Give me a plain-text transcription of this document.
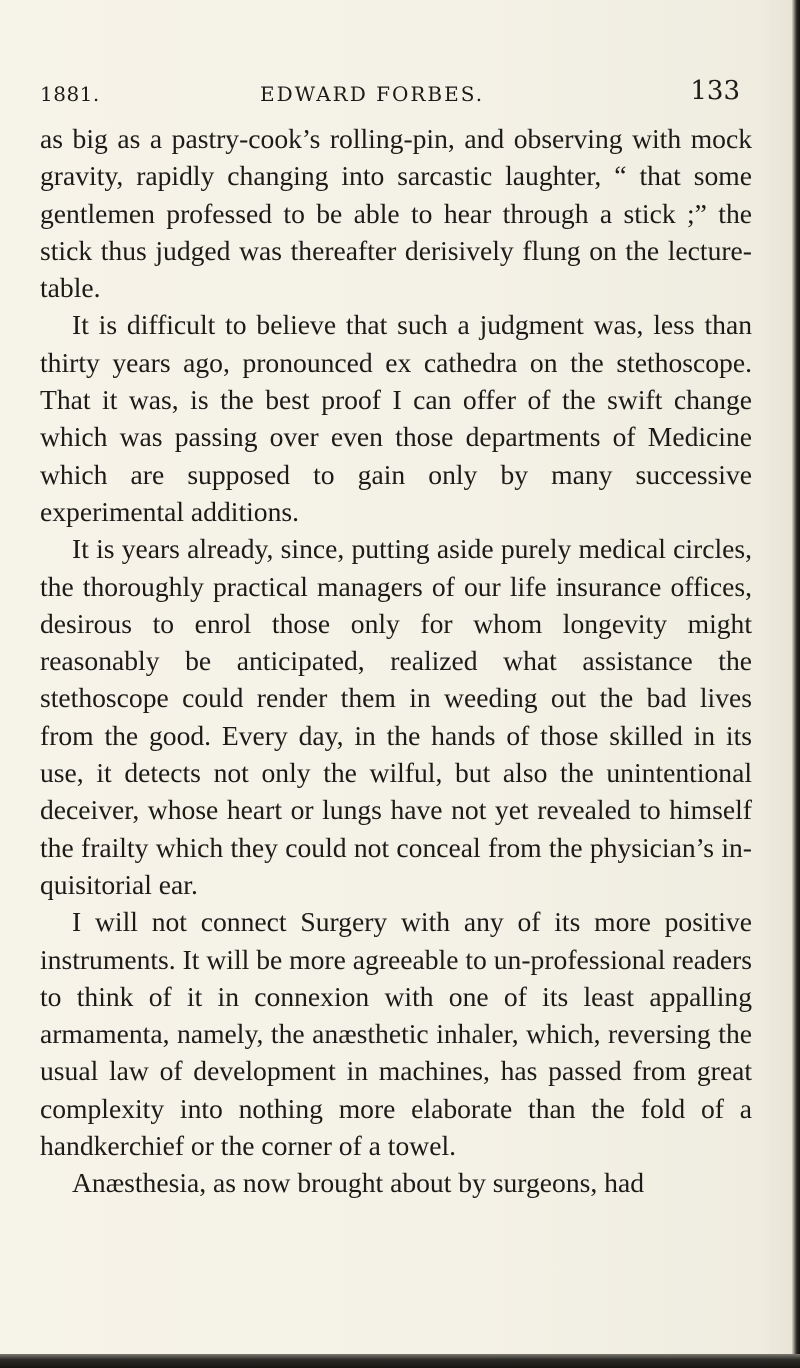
1881.	EDWARD FORBES.	133

as big as a pastry-cook’s rolling-pin, and observing with mock gravity, rapidly changing into sarcastic laughter, “ that some gentlemen professed to be able to hear through a stick ;” the stick thus judged was thereafter derisively flung on the lecture-table.

It is difficult to believe that such a judgment was, less than thirty years ago, pronounced ex cathedra on the stethoscope. That it was, is the best proof I can offer of the swift change which was passing over even those departments of Medicine which are supposed to gain only by many successive experimental additions.

It is years already, since, putting aside purely medical circles, the thoroughly practical managers of our life insurance offices, desirous to enrol those only for whom longevity might reasonably be anticipated, realized what assistance the stethoscope could render them in weeding out the bad lives from the good. Every day, in the hands of those skilled in its use, it detects not only the wilful, but also the unintentional deceiver, whose heart or lungs have not yet revealed to himself the frailty which they could not conceal from the physician’s in-quisitorial ear.

I will not connect Surgery with any of its more positive instruments. It will be more agreeable to un-professional readers to think of it in connexion with one of its least appalling armamenta, namely, the anæsthetic inhaler, which, reversing the usual law of development in machines, has passed from great complexity into nothing more elaborate than the fold of a handkerchief or the corner of a towel.

Anæsthesia, as now brought about by surgeons, had
